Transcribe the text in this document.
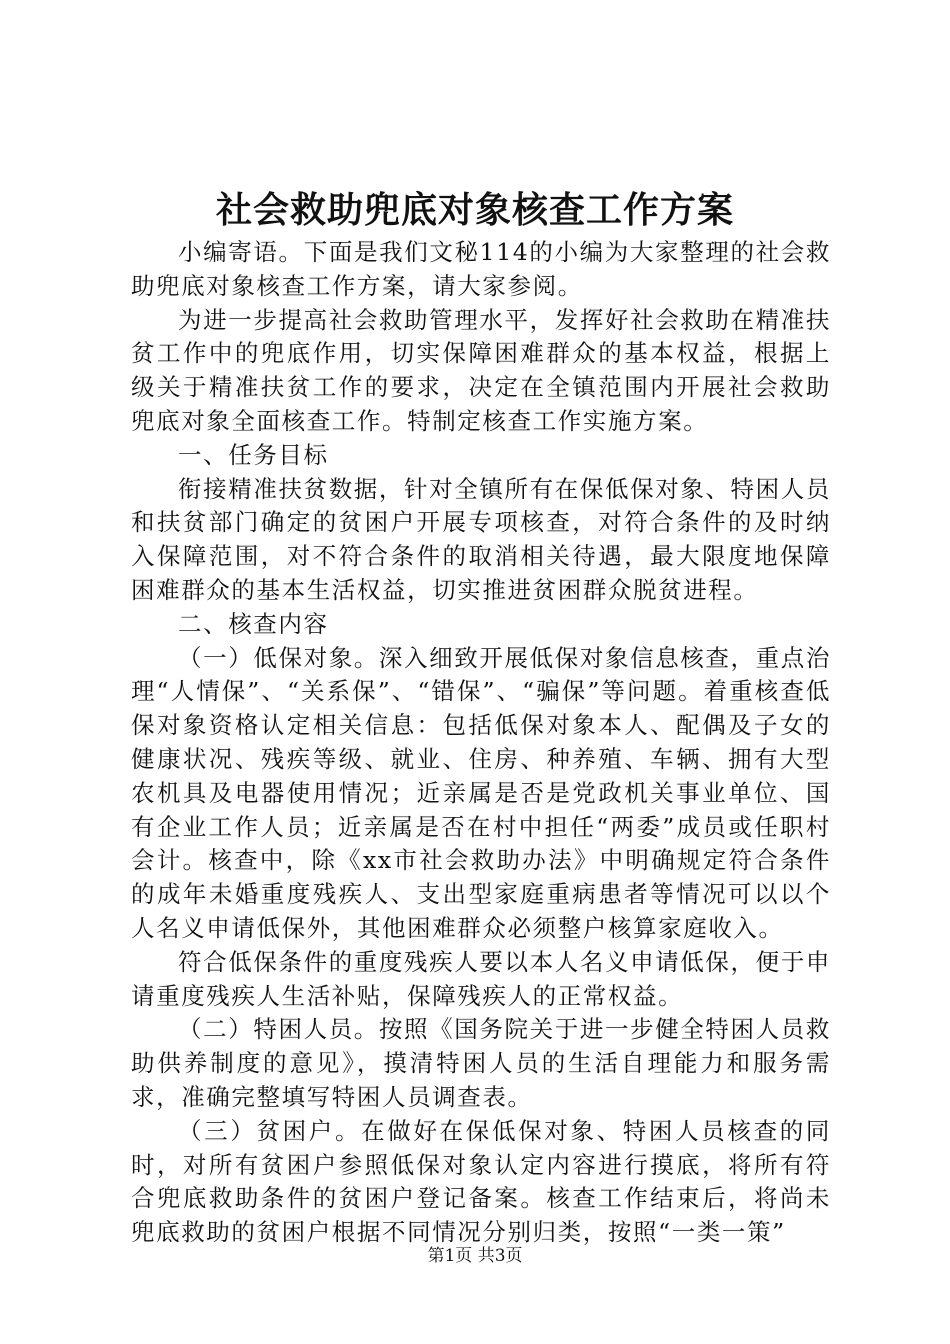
社会救助兜底对象核查工作方案

小编寄语。下面是我们文秘114的小编为大家整理的社会救助兜底对象核查工作方案，请大家参阅。

为进一步提高社会救助管理水平，发挥好社会救助在精准扶贫工作中的兜底作用，切实保障困难群众的基本权益，根据上级关于精准扶贫工作的要求，决定在全镇范围内开展社会救助兜底对象全面核查工作。特制定核查工作实施方案。

一、任务目标

衔接精准扶贫数据，针对全镇所有在保低保对象、特困人员和扶贫部门确定的贫困户开展专项核查，对符合条件的及时纳入保障范围，对不符合条件的取消相关待遇，最大限度地保障困难群众的基本生活权益，切实推进贫困群众脱贫进程。

二、核查内容

（一）低保对象。深入细致开展低保对象信息核查，重点治理“人情保”、“关系保”、“错保”、“骗保”等问题。着重核查低保对象资格认定相关信息：包括低保对象本人、配偶及子女的健康状况、残疾等级、就业、住房、种养殖、车辆、拥有大型农机具及电器使用情况；近亲属是否是党政机关事业单位、国有企业工作人员；近亲属是否在村中担任“两委”成员或任职村会计。核查中，除《xx市社会救助办法》中明确规定符合条件的成年未婚重度残疾人、支出型家庭重病患者等情况可以以个人名义申请低保外，其他困难群众必须整户核算家庭收入。

符合低保条件的重度残疾人要以本人名义申请低保，便于申请重度残疾人生活补贴，保障残疾人的正常权益。

（二）特困人员。按照《国务院关于进一步健全特困人员救助供养制度的意见》，摸清特困人员的生活自理能力和服务需求，准确完整填写特困人员调查表。

（三）贫困户。在做好在保低保对象、特困人员核查的同时，对所有贫困户参照低保对象认定内容进行摸底，将所有符合兜底救助条件的贫困户登记备案。核查工作结束后，将尚未兜底救助的贫困户根据不同情况分别归类，按照“一类一策”

第1页 共3页
